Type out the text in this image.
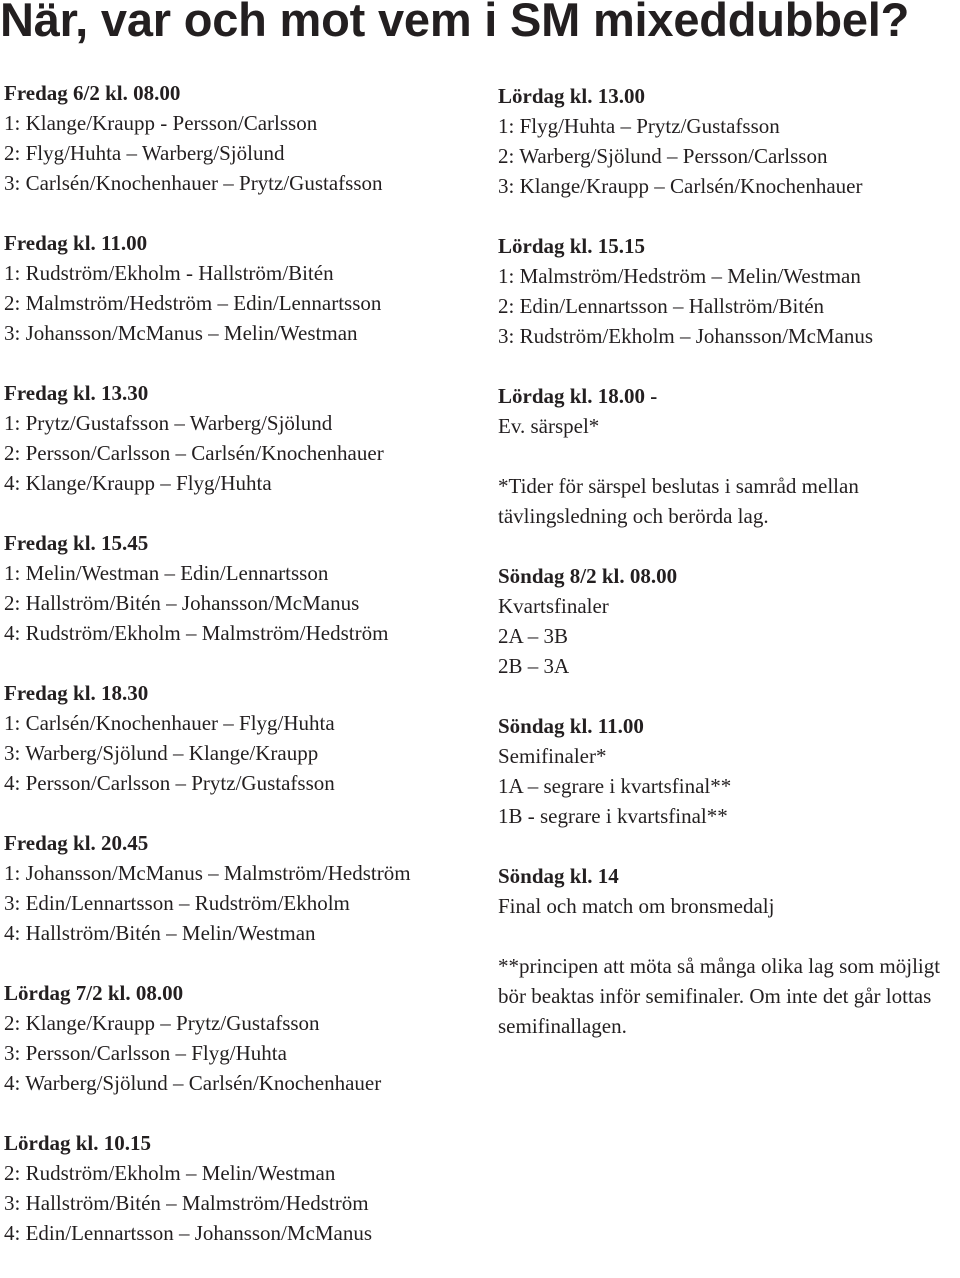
När, var och mot vem i SM mixeddubbel?
Fredag 6/2 kl. 08.00
1: Klange/Kraupp - Persson/Carlsson
2: Flyg/Huhta – Warberg/Sjölund
3: Carlsén/Knochenhauer – Prytz/Gustafsson
Fredag kl. 11.00
1: Rudström/Ekholm - Hallström/Bitén
2: Malmström/Hedström – Edin/Lennartsson
3: Johansson/McManus – Melin/Westman
Fredag kl. 13.30
1: Prytz/Gustafsson – Warberg/Sjölund
2: Persson/Carlsson – Carlsén/Knochenhauer
4: Klange/Kraupp – Flyg/Huhta
Fredag kl. 15.45
1: Melin/Westman – Edin/Lennartsson
2: Hallström/Bitén – Johansson/McManus
4: Rudström/Ekholm – Malmström/Hedström
Fredag kl. 18.30
1: Carlsén/Knochenhauer – Flyg/Huhta
3: Warberg/Sjölund – Klange/Kraupp
4: Persson/Carlsson – Prytz/Gustafsson
Fredag kl. 20.45
1: Johansson/McManus – Malmström/Hedström
3: Edin/Lennartsson – Rudström/Ekholm
4: Hallström/Bitén – Melin/Westman
Lördag 7/2 kl. 08.00
2: Klange/Kraupp – Prytz/Gustafsson
3: Persson/Carlsson – Flyg/Huhta
4: Warberg/Sjölund – Carlsén/Knochenhauer
Lördag kl. 10.15
2: Rudström/Ekholm – Melin/Westman
3: Hallström/Bitén – Malmström/Hedström
4: Edin/Lennartsson – Johansson/McManus
Lördag kl. 13.00
1: Flyg/Huhta – Prytz/Gustafsson
2: Warberg/Sjölund – Persson/Carlsson
3: Klange/Kraupp – Carlsén/Knochenhauer
Lördag kl. 15.15
1: Malmström/Hedström – Melin/Westman
2: Edin/Lennartsson – Hallström/Bitén
3: Rudström/Ekholm – Johansson/McManus
Lördag kl. 18.00 -
Ev. särspel*
*Tider för särspel beslutas i samråd mellan tävlingsledning och berörda lag.
Söndag 8/2 kl. 08.00
Kvartsfinaler
2A – 3B
2B – 3A
Söndag kl. 11.00
Semifinaler*
1A – segrare i kvartsfinal**
1B - segrare i kvartsfinal**
Söndag kl. 14
Final och match om bronsmedalj
**principen att möta så många olika lag som möjligt bör beaktas inför semifinaler. Om inte det går lottas semifinallagen.
